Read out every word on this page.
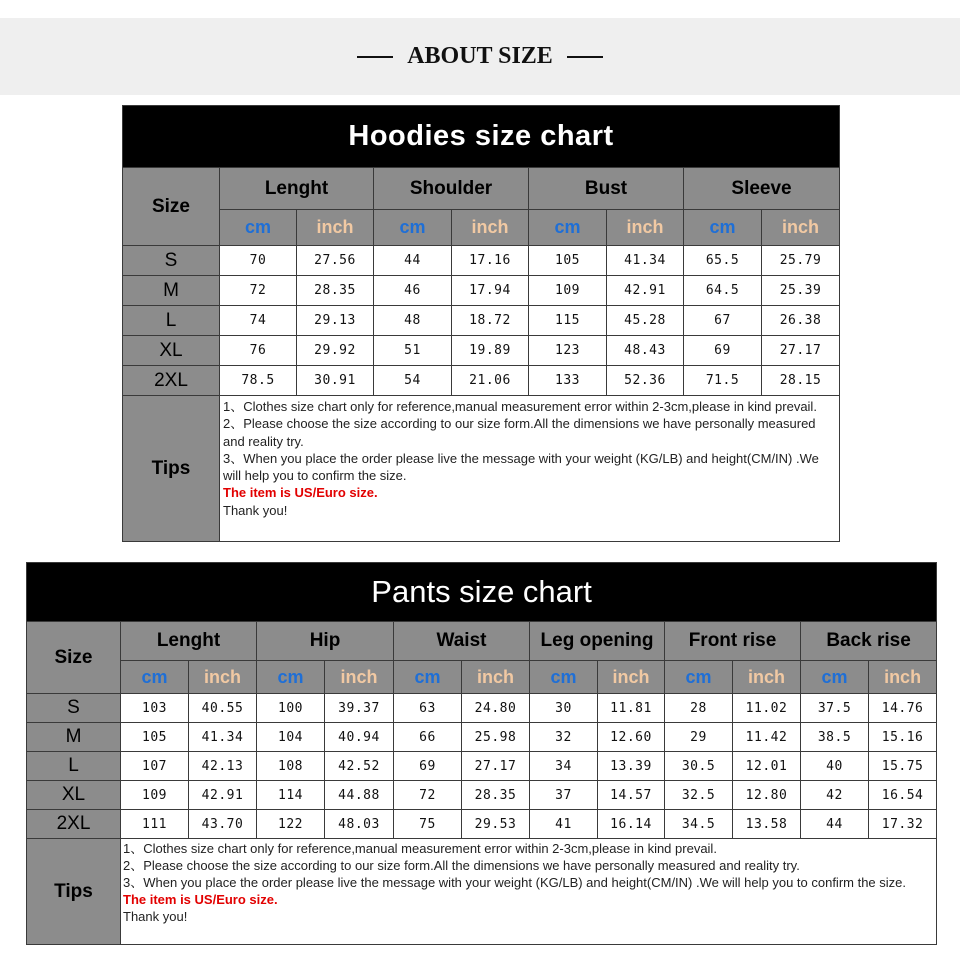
ABOUT SIZE
Hoodies size chart								
Size	Lenght		Shoulder		Bust		Sleeve	
	cm	inch	cm	inch	cm	inch	cm	inch
S	70	27.56	44	17.16	105	41.34	65.5	25.79
M	72	28.35	46	17.94	109	42.91	64.5	25.39
L	74	29.13	48	18.72	115	45.28	67	26.38
XL	76	29.92	51	19.89	123	48.43	69	27.17
2XL	78.5	30.91	54	21.06	133	52.36	71.5	28.15
Tips	1、Clothes size chart only for reference,manual measurement error within 2-3cm,please in kind prevail.
2、Please choose the size according to our size form.All the dimensions we have personally measured and reality try.
3、When you place the order please live the message with your weight (KG/LB) and height(CM/IN) .We will help you to confirm the size.
The item is US/Euro size.
Thank you!							
Pants size chart												
Size	Lenght		Hip		Waist		Leg opening		Front rise		Back rise	
	cm	inch	cm	inch	cm	inch	cm	inch	cm	inch	cm	inch
S	103	40.55	100	39.37	63	24.80	30	11.81	28	11.02	37.5	14.76
M	105	41.34	104	40.94	66	25.98	32	12.60	29	11.42	38.5	15.16
L	107	42.13	108	42.52	69	27.17	34	13.39	30.5	12.01	40	15.75
XL	109	42.91	114	44.88	72	28.35	37	14.57	32.5	12.80	42	16.54
2XL	111	43.70	122	48.03	75	29.53	41	16.14	34.5	13.58	44	17.32
Tips	1、Clothes size chart only for reference,manual measurement error within 2-3cm,please in kind prevail.
2、Please choose the size according to our size form.All the dimensions we have personally measured and reality try.
3、When you place the order please live the message with your weight (KG/LB) and height(CM/IN) .We will help you to confirm the size.
The item is US/Euro size.
Thank you!											
